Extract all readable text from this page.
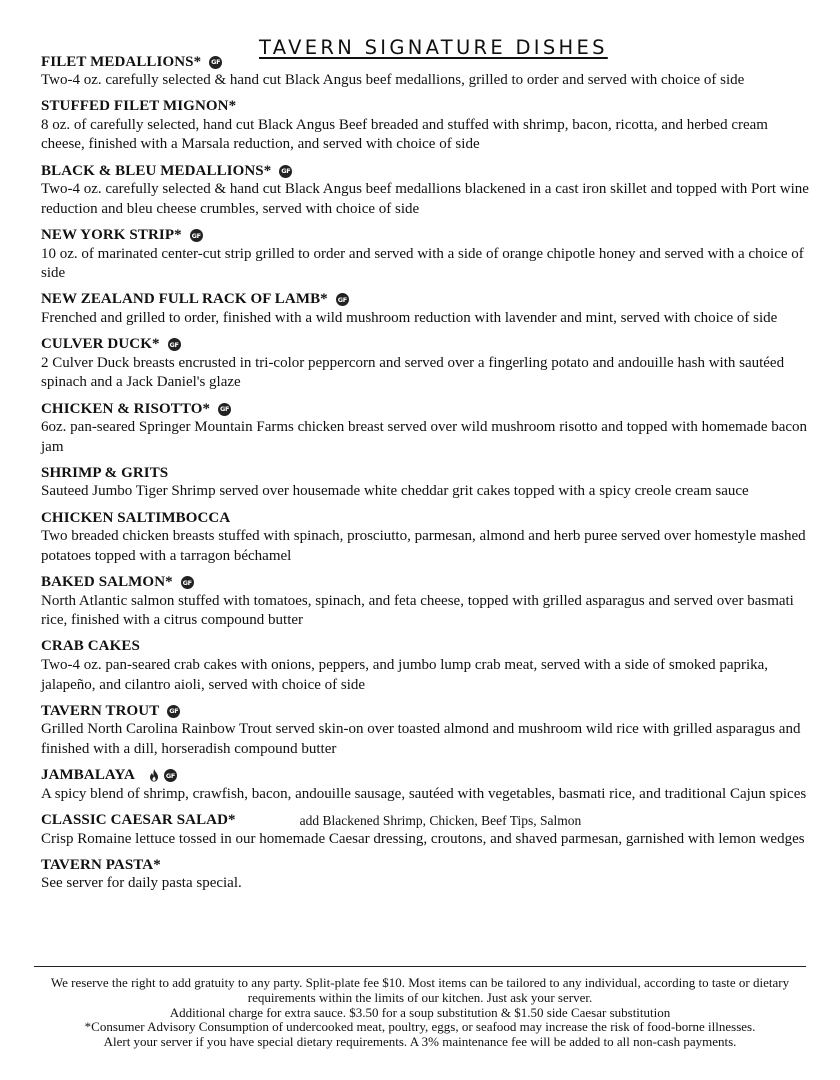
TAVERN SIGNATURE DISHES
FILET MEDALLIONS* GF

Two-4 oz. carefully selected & hand cut Black Angus beef medallions, grilled to order and served with choice of side

STUFFED FILET MIGNON*

8 oz. of carefully selected, hand cut Black Angus Beef breaded and stuffed with shrimp, bacon, ricotta, and herbed cream cheese, finished with a Marsala reduction, and served with choice of side

BLACK & BLEU MEDALLIONS* GF

Two-4 oz. carefully selected & hand cut Black Angus beef medallions blackened in a cast iron skillet and topped with Port wine reduction and bleu cheese crumbles, served with choice of side

NEW YORK STRIP* GF

10 oz. of marinated center-cut strip grilled to order and served with a side of orange chipotle honey and served with a choice of side

NEW ZEALAND FULL RACK OF LAMB* GF

Frenched and grilled to order, finished with a wild mushroom reduction with lavender and mint, served with choice of side

CULVER DUCK* GF

2 Culver Duck breasts encrusted in tri-color peppercorn and served over a fingerling potato and andouille hash with sautéed spinach and a Jack Daniel's glaze

CHICKEN & RISOTTO* GF

6oz. pan-seared Springer Mountain Farms chicken breast served over wild mushroom risotto and topped with homemade bacon jam

SHRIMP & GRITS

Sauteed Jumbo Tiger Shrimp served over housemade white cheddar grit cakes topped with a spicy creole cream sauce

CHICKEN SALTIMBOCCA

Two breaded chicken breasts stuffed with spinach, prosciutto, parmesan, almond and herb puree served over homestyle mashed potatoes topped with a tarragon béchamel

BAKED SALMON* GF

North Atlantic salmon stuffed with tomatoes, spinach, and feta cheese, topped with grilled asparagus and served over basmati rice, finished with a citrus compound butter

CRAB CAKES

Two-4 oz. pan-seared crab cakes with onions, peppers, and jumbo lump crab meat, served with a side of smoked paprika, jalapeño, and cilantro aioli, served with choice of side

TAVERN TROUT GF

Grilled North Carolina Rainbow Trout served skin-on over toasted almond and mushroom wild rice with grilled asparagus and finished with a dill, horseradish compound butter

JAMBALAYA	GF

A spicy blend of shrimp, crawfish, bacon, andouille sausage, sautéed with vegetables, basmati rice, and traditional Cajun spices

CLASSIC CAESAR SALAD*	add Blackened Shrimp, Chicken, Beef Tips, Salmon

Crisp Romaine lettuce tossed in our homemade Caesar dressing, croutons, and shaved parmesan, garnished with lemon wedges

TAVERN PASTA*

See server for daily pasta special.

We reserve the right to add gratuity to any party. Split-plate fee $10. Most items can be tailored to any individual, according to taste or dietary requirements within the limits of our kitchen. Just ask your server.
Additional charge for extra sauce. $3.50 for a soup substitution & $1.50 side Caesar substitution
*Consumer Advisory Consumption of undercooked meat, poultry, eggs, or seafood may increase the risk of food-borne illnesses.
Alert your server if you have special dietary requirements. A 3% maintenance fee will be added to all non-cash payments.
